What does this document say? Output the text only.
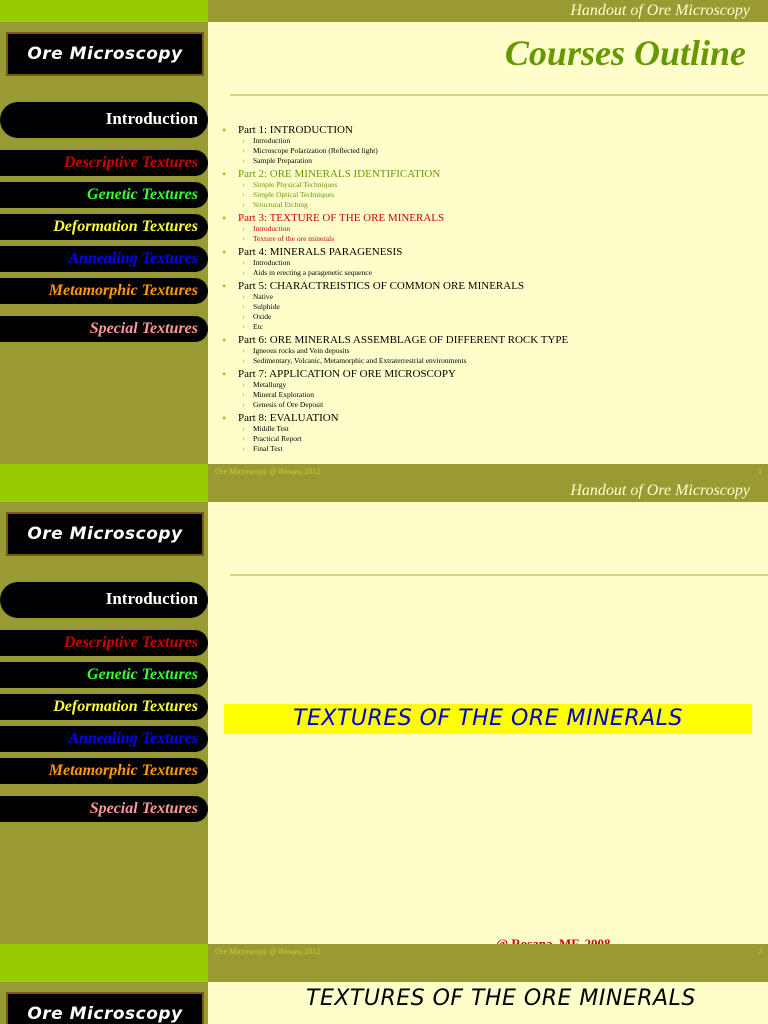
Handout of Ore Microscopy
Ore Microscopy
Introduction
Descriptive Textures
Genetic Textures
Deformation Textures
Annealing Textures
Metamorphic Textures
Special Textures
Courses Outline
• Part 1: INTRODUCTION
› Introduction
› Microscope Polarization (Reflected light)
› Sample Preparation
• Part 2: ORE MINERALS IDENTIFICATION
› Simple Physical Techniques
› Simple Optical Techniques
› Structural Etching
• Part 3: TEXTURE OF THE ORE MINERALS
› Introduction
› Texture of the ore minerals
• Part 4: MINERALS PARAGENESIS
› Introduction
› Aids in erecting a paragenetic sequence
• Part 5: CHARACTREISTICS OF COMMON ORE MINERALS
› Native
› Sulphide
› Oxide
› Etc
• Part 6: ORE MINERALS ASSEMBLAGE OF DIFFERENT ROCK TYPE
› Igneous rocks and Vein deposits
› Sedimentary, Volcanic, Metamorphic and Extraterrestrial environments
• Part 7: APPLICATION OF ORE MICROSCOPY
› Metallurgy
› Mineral Exploration
› Genesis of Ore Deposit
• Part 8: EVALUATION
› Middle Test
› Practical Report
› Final Test
Ore Microscopy @ Rosana 2012	1
Handout of Ore Microscopy
Ore Microscopy
Introduction
Descriptive Textures
Genetic Textures
Deformation Textures
Annealing Textures
Metamorphic Textures
Special Textures
TEXTURES OF THE ORE MINERALS
Ore Microscopy @ Rosana 2012	2
Ore Microscopy
TEXTURES OF THE ORE MINERALS
